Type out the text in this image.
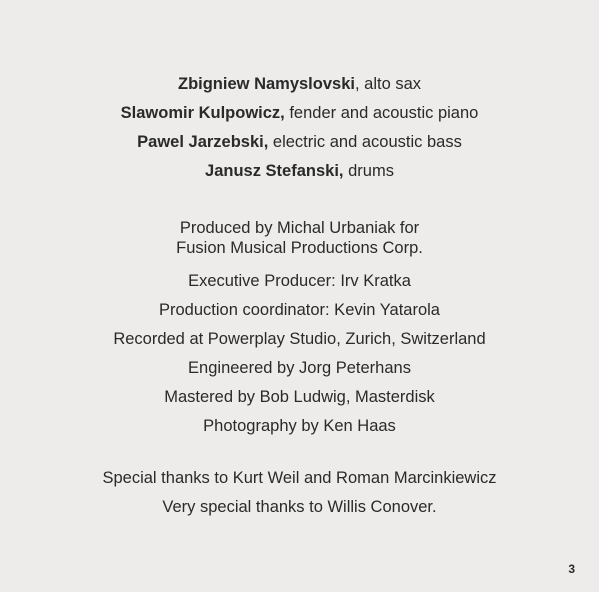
Zbigniew Namyslovski, alto sax
Slawomir Kulpowicz, fender and acoustic piano
Pawel Jarzebski, electric and acoustic bass
Janusz Stefanski, drums
Produced by Michal Urbaniak for
Fusion Musical Productions Corp.
Executive Producer: Irv Kratka
Production coordinator: Kevin Yatarola
Recorded at Powerplay Studio, Zurich, Switzerland
Engineered by Jorg Peterhans
Mastered by Bob Ludwig, Masterdisk
Photography by Ken Haas
Special thanks to Kurt Weil and Roman Marcinkiewicz
Very special thanks to Willis Conover.
3
